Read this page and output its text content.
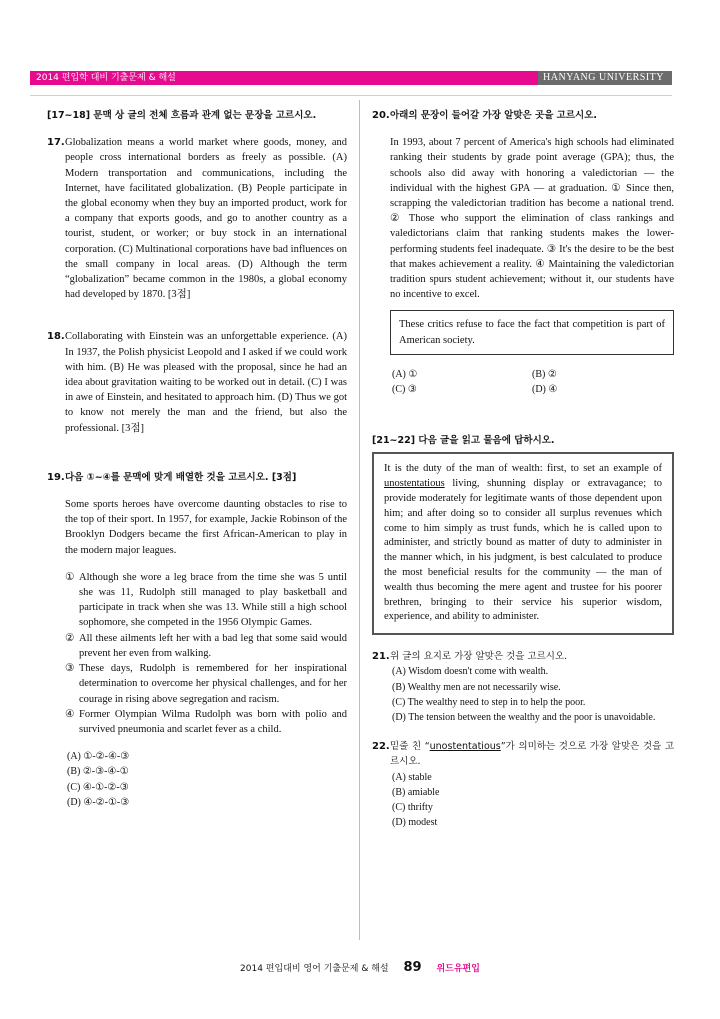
2014 편입학 대비 기출문제 & 해설	HANYANG UNIVERSITY
[17~18] 문맥 상 글의 전체 흐름과 관계 없는 문장을 고르시오.
17. Globalization means a world market where goods, money, and people cross international borders as freely as possible. (A) Modern transportation and communications, including the Internet, have facilitated globalization. (B) People participate in the global economy when they buy an imported product, work for a company that exports goods, and go to another country as a tourist, student, or worker; or buy stock in an international corporation. (C) Multinational corporations have bad influences on the small company in local areas. (D) Although the term “globalization” became common in the 1980s, a global economy had developed by 1870. [3점]
18. Collaborating with Einstein was an unforgettable experience. (A) In 1937, the Polish physicist Leopold and I asked if we could work with him. (B) He was pleased with the proposal, since he had an idea about gravitation waiting to be worked out in detail. (C) I was in awe of Einstein, and hesitated to approach him. (D) Thus we got to know not merely the man and the friend, but also the professional. [3점]
19. 다음 ①~④를 문맥에 맞게 배열한 것을 고르시오. [3점]
Some sports heroes have overcome daunting obstacles to rise to the top of their sport. In 1957, for example, Jackie Robinson of the Brooklyn Dodgers became the first African-American to play in the modern major leagues.
① Although she wore a leg brace from the time she was 5 until she was 11, Rudolph still managed to play basketball and participate in track when she was 13. While still a high school sophomore, she competed in the 1956 Olympic Games.
② All these ailments left her with a bad leg that some said would prevent her even from walking.
③ These days, Rudolph is remembered for her inspirational determination to overcome her physical challenges, and for her courage in rising above segregation and racism.
④ Former Olympian Wilma Rudolph was born with polio and survived pneumonia and scarlet fever as a child.
(A) ①-②-④-③
(B) ②-③-④-①
(C) ④-①-②-③
(D) ④-②-①-③
20. 아래의 문장이 들어갈 가장 알맞은 곳을 고르시오.
In 1993, about 7 percent of America's high schools had eliminated ranking their students by grade point average (GPA); thus, the schools also did away with honoring a valedictorian — the individual with the highest GPA — at graduation. ① Since then, scrapping the valedictorian tradition has become a national trend. ② Those who support the elimination of class rankings and valedictorians claim that ranking students makes the lower-performing students feel inadequate. ③ It's the desire to be the best that makes achievement a reality. ④ Maintaining the valedictorian tradition spurs student achievement; without it, our students have no incentive to excel.
These critics refuse to face the fact that competition is part of American society.
(A) ①	(B) ②
(C) ③	(D) ④
[21~22] 다음 글을 읽고 물음에 답하시오.
It is the duty of the man of wealth: first, to set an example of unostentatious living, shunning display or extravagance; to provide moderately for legitimate wants of those dependent upon him; and after doing so to consider all surplus revenues which come to him simply as trust funds, which he is called upon to administer, and strictly bound as matter of duty to administer in the manner which, in his judgment, is best calculated to produce the most beneficial results for the community — the man of wealth thus becoming the mere agent and trustee for his poorer brethren, bringing to their service his superior wisdom, experience, and ability to administer.
21. 위 글의 요지로 가장 알맞은 것을 고르시오.
(A) Wisdom doesn't come with wealth.
(B) Wealthy men are not necessarily wise.
(C) The wealthy need to step in to help the poor.
(D) The tension between the wealthy and the poor is unavoidable.
22. 밑줄 친 “unostentatious”가 의미하는 것으로 가장 알맞은 것을 고르시오.
(A) stable
(B) amiable
(C) thrifty
(D) modest
2014 편입대비 영어 기출문제 & 해설 89 위드유편입
